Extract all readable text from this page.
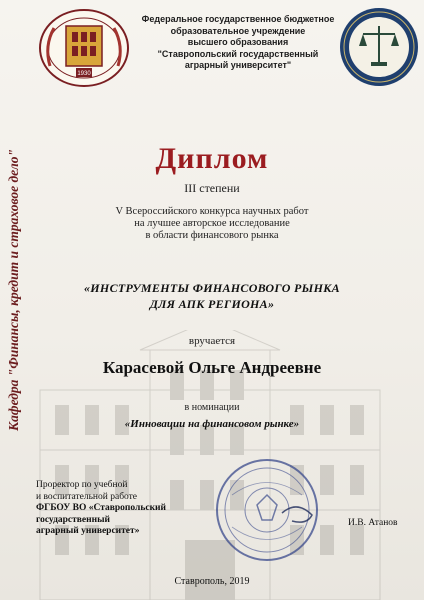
Кафедра "Финансы, кредит и страховое дело"
1930
Федеральное государственное бюджетное
образовательное учреждение
высшего образования
"Ставропольский государственный
аграрный университет"
Диплом
III степени
V Всероссийского конкурса научных работ
на лучшее авторское исследование
в области финансового рынка
«ИНСТРУМЕНТЫ ФИНАНСОВОГО РЫНКА
ДЛЯ АПК РЕГИОНА»
вручается
Карасевой Ольге Андреевне
в номинации
«Инновации на финансовом рынке»
Проректор по учебной
и воспитательной работе
ФГБОУ ВО «Ставропольский государственный
аграрный университет»
И.В. Атанов
Ставрополь, 2019
